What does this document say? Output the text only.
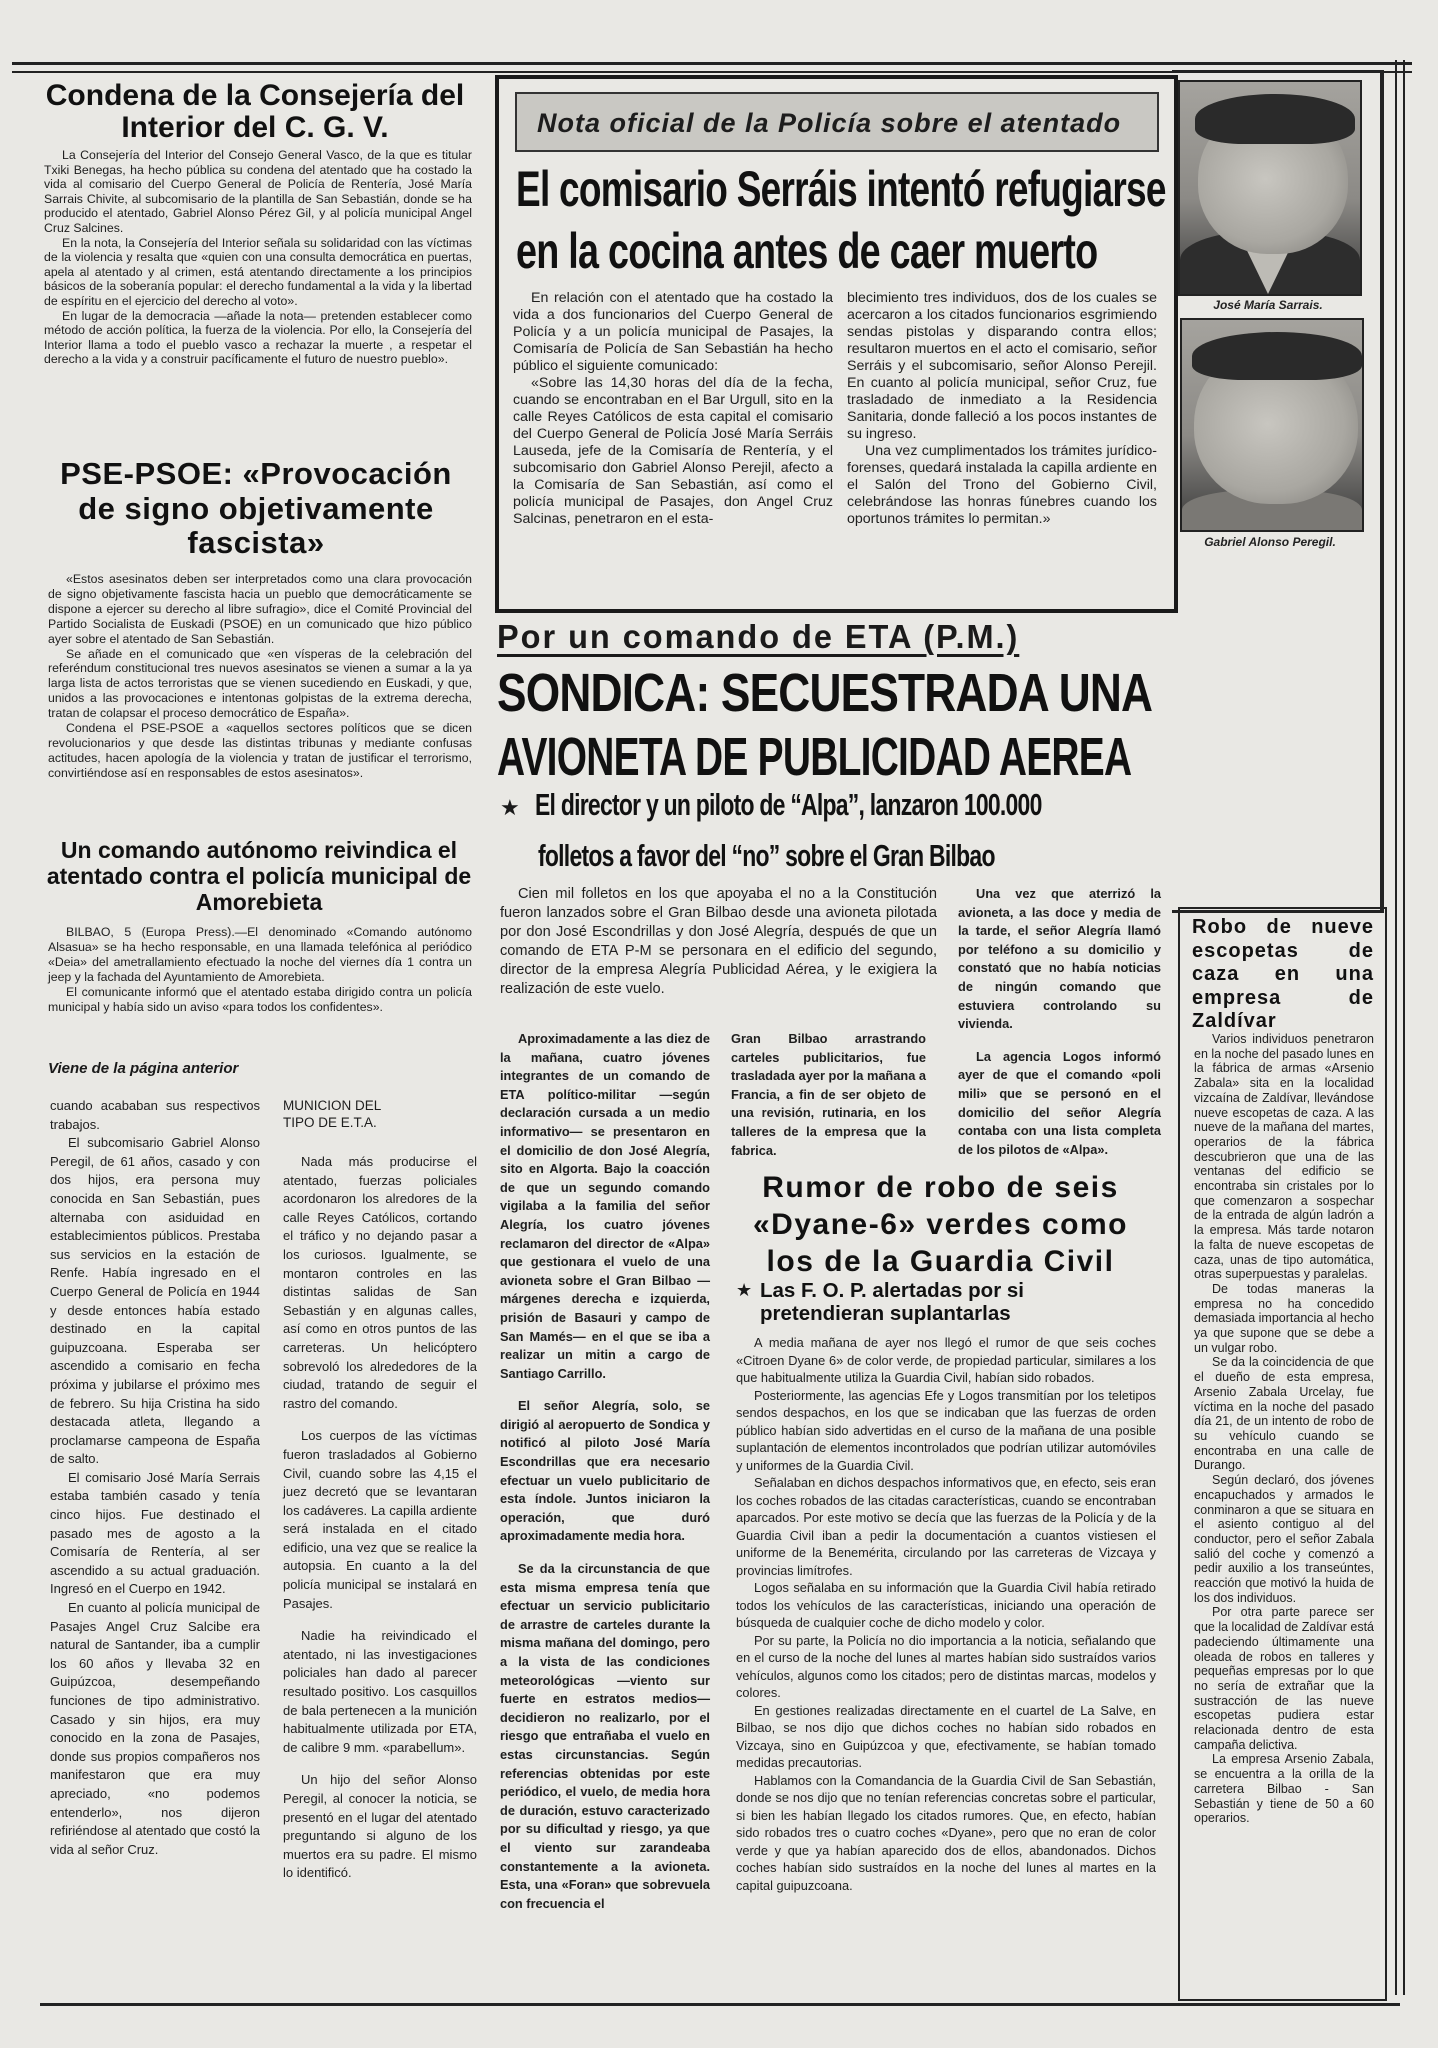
Condena de la Consejería del Interior del C. G. V.

La Consejería del Interior del Consejo General Vasco, de la que es titular Txiki Benegas, ha hecho pública su condena del atentado que ha costado la vida al comisario del Cuerpo General de Policía de Rentería, José María Sarrais Chivite, al subcomisario de la plantilla de San Sebastián, donde se ha producido el atentado, Gabriel Alonso Pérez Gil, y al policía municipal Angel Cruz Salcines.

En la nota, la Consejería del Interior señala su solidaridad con las víctimas de la violencia y resalta que «quien con una consulta democrática en puertas, apela al atentado y al crimen, está atentando directamente a los principios básicos de la soberanía popular: el derecho fundamental a la vida y la libertad de espíritu en el ejercicio del derecho al voto».

En lugar de la democracia —añade la nota— pretenden establecer como método de acción política, la fuerza de la violencia. Por ello, la Consejería del Interior llama a todo el pueblo vasco a rechazar la muerte , a respetar el derecho a la vida y a construir pacíficamente el futuro de nuestro pueblo».

PSE-PSOE: «Provocación de signo objetivamente fascista»

«Estos asesinatos deben ser interpretados como una clara provocación de signo objetivamente fascista hacia un pueblo que democráticamente se dispone a ejercer su derecho al libre sufragio», dice el Comité Provincial del Partido Socialista de Euskadi (PSOE) en un comunicado que hizo público ayer sobre el atentado de San Sebastián.

Se añade en el comunicado que «en vísperas de la celebración del referéndum constitucional tres nuevos asesinatos se vienen a sumar a la ya larga lista de actos terroristas que se vienen sucediendo en Euskadi, y que, unidos a las provocaciones e intentonas golpistas de la extrema derecha, tratan de colapsar el proceso democrático de España».

Condena el PSE-PSOE a «aquellos sectores políticos que se dicen revolucionarios y que desde las distintas tribunas y mediante confusas actitudes, hacen apología de la violencia y tratan de justificar el terrorismo, convirtiéndose así en responsables de estos asesinatos».

Un comando autónomo reivindica el atentado contra el policía municipal de Amorebieta

BILBAO, 5 (Europa Press).—El denominado «Comando autónomo Alsasua» se ha hecho responsable, en una llamada telefónica al periódico «Deia» del ametrallamiento efectuado la noche del viernes día 1 contra un jeep y la fachada del Ayuntamiento de Amorebieta.

El comunicante informó que el atentado estaba dirigido contra un policía municipal y había sido un aviso «para todos los confidentes».

Viene de la página anterior

cuando acababan sus respectivos trabajos.

El subcomisario Gabriel Alonso Peregil, de 61 años, casado y con dos hijos, era persona muy conocida en San Sebastián, pues alternaba con asiduidad en establecimientos públicos. Prestaba sus servicios en la estación de Renfe. Había ingresado en el Cuerpo General de Policía en 1944 y desde entonces había estado destinado en la capital guipuzcoana. Esperaba ser ascendido a comisario en fecha próxima y jubilarse el próximo mes de febrero. Su hija Cristina ha sido destacada atleta, llegando a proclamarse campeona de España de salto.

El comisario José María Serrais estaba también casado y tenía cinco hijos. Fue destinado el pasado mes de agosto a la Comisaría de Rentería, al ser ascendido a su actual graduación. Ingresó en el Cuerpo en 1942.

En cuanto al policía municipal de Pasajes Angel Cruz Salcibe era natural de Santander, iba a cumplir los 60 años y llevaba 32 en Guipúzcoa, desempeñando funciones de tipo administrativo. Casado y sin hijos, era muy conocido en la zona de Pasajes, donde sus propios compañeros nos manifestaron que era muy apreciado, «no podemos entenderlo», nos dijeron refiriéndose al atentado que costó la vida al señor Cruz.

MUNICION DEL TIPO DE E.T.A.

Nada más producirse el atentado, fuerzas policiales acordonaron los alredores de la calle Reyes Católicos, cortando el tráfico y no dejando pasar a los curiosos. Igualmente, se montaron controles en las distintas salidas de San Sebastián y en algunas calles, así como en otros puntos de las carreteras. Un helicóptero sobrevoló los alrededores de la ciudad, tratando de seguir el rastro del comando.

Los cuerpos de las víctimas fueron trasladados al Gobierno Civil, cuando sobre las 4,15 el juez decretó que se levantaran los cadáveres. La capilla ardiente será instalada en el citado edificio, una vez que se realice la autopsia. En cuanto a la del policía municipal se instalará en Pasajes.

Nadie ha reivindicado el atentado, ni las investigaciones policiales han dado al parecer resultado positivo. Los casquillos de bala pertenecen a la munición habitualmente utilizada por ETA, de calibre 9 mm. «parabellum».

Un hijo del señor Alonso Peregil, al conocer la noticia, se presentó en el lugar del atentado preguntando si alguno de los muertos era su padre. El mismo lo identificó.

Nota oficial de la Policía sobre el atentado
El comisario Serráis intentó refugiarse
en la cocina antes de caer muerto

En relación con el atentado que ha costado la vida a dos funcionarios del Cuerpo General de Policía y a un policía municipal de Pasajes, la Comisaría de Policía de San Sebastián ha hecho público el siguiente comunicado:

«Sobre las 14,30 horas del día de la fecha, cuando se encontraban en el Bar Urgull, sito en la calle Reyes Católicos de esta capital el comisario del Cuerpo General de Policía José María Serráis Lauseda, jefe de la Comisaría de Rentería, y el subcomisario don Gabriel Alonso Perejil, afecto a la Comisaría de San Sebastián, así como el policía municipal de Pasajes, don Angel Cruz Salcinas, penetraron en el esta-

blecimiento tres individuos, dos de los cuales se acercaron a los citados funcionarios esgrimiendo sendas pistolas y disparando contra ellos; resultaron muertos en el acto el comisario, señor Serráis y el subcomisario, señor Alonso Perejil. En cuanto al policía municipal, señor Cruz, fue trasladado de inmediato a la Residencia Sanitaria, donde falleció a los pocos instantes de su ingreso.

Una vez cumplimentados los trámites jurídico-forenses, quedará instalada la capilla ardiente en el Salón del Trono del Gobierno Civil, celebrándose las honras fúnebres cuando los oportunos trámites lo permitan.»

José María Sarrais.
Gabriel Alonso Peregil.
Por un comando de ETA (P.M.)
SONDICA: SECUESTRADA UNA
AVIONETA DE PUBLICIDAD AEREA
★ El director y un piloto de “Alpa”, lanzaron 100.000
folletos a favor del “no” sobre el Gran Bilbao

Cien mil folletos en los que apoyaba el no a la Constitución fueron lanzados sobre el Gran Bilbao desde una avioneta pilotada por don José Escondrillas y don José Alegría, después de que un comando de ETA P-M se personara en el edificio del segundo, director de la empresa Alegría Publicidad Aérea, y le exigiera la realización de este vuelo.

Aproximadamente a las diez de la mañana, cuatro jóvenes integrantes de un comando de ETA político-militar —según declaración cursada a un medio informativo— se presentaron en el domicilio de don José Alegría, sito en Algorta. Bajo la coacción de que un segundo comando vigilaba a la familia del señor Alegría, los cuatro jóvenes reclamaron del director de «Alpa» que gestionara el vuelo de una avioneta sobre el Gran Bilbao —márgenes derecha e izquierda, prisión de Basauri y campo de San Mamés— en el que se iba a realizar un mitin a cargo de Santiago Carrillo.

El señor Alegría, solo, se dirigió al aeropuerto de Sondica y notificó al piloto José María Escondrillas que era necesario efectuar un vuelo publicitario de esta índole. Juntos iniciaron la operación, que duró aproximadamente media hora.

Se da la circunstancia de que esta misma empresa tenía que efectuar un servicio publicitario de arrastre de carteles durante la misma mañana del domingo, pero a la vista de las condiciones meteorológicas —viento sur fuerte en estratos medios— decidieron no realizarlo, por el riesgo que entrañaba el vuelo en estas circunstancias. Según referencias obtenidas por este periódico, el vuelo, de media hora de duración, estuvo caracterizado por su dificultad y riesgo, ya que el viento sur zarandeaba constantemente a la avioneta. Esta, una «Foran» que sobrevuela con frecuencia el

Gran Bilbao arrastrando carteles publicitarios, fue trasladada ayer por la mañana a Francia, a fin de ser objeto de una revisión, rutinaria, en los talleres de la empresa que la fabrica.

Una vez que aterrizó la avioneta, a las doce y media de la tarde, el señor Alegría llamó por teléfono a su domicilio y constató que no había noticias de ningún comando que estuviera controlando su vivienda.

La agencia Logos informó ayer de que el comando «poli mili» que se personó en el domicilio del señor Alegría contaba con una lista completa de los pilotos de «Alpa».

Rumor de robo de seis «Dyane-6» verdes como los de la Guardia Civil
★ Las F. O. P. alertadas por si pretendieran suplantarlas

A media mañana de ayer nos llegó el rumor de que seis coches «Citroen Dyane 6» de color verde, de propiedad particular, similares a los que habitualmente utiliza la Guardia Civil, habían sido robados.

Posteriormente, las agencias Efe y Logos transmitían por los teletipos sendos despachos, en los que se indicaban que las fuerzas de orden público habían sido advertidas en el curso de la mañana de una posible suplantación de elementos incontrolados que podrían utilizar automóviles y uniformes de la Guardia Civil.

Señalaban en dichos despachos informativos que, en efecto, seis eran los coches robados de las citadas características, cuando se encontraban aparcados. Por este motivo se decía que las fuerzas de la Policía y de la Guardia Civil iban a pedir la documentación a cuantos vistiesen el uniforme de la Benemérita, circulando por las carreteras de Vizcaya y provincias limítrofes.

Logos señalaba en su información que la Guardia Civil había retirado todos los vehículos de las características, iniciando una operación de búsqueda de cualquier coche de dicho modelo y color.

Por su parte, la Policía no dio importancia a la noticia, señalando que en el curso de la noche del lunes al martes habían sido sustraídos varios vehículos, algunos como los citados; pero de distintas marcas, modelos y colores.

En gestiones realizadas directamente en el cuartel de La Salve, en Bilbao, se nos dijo que dichos coches no habían sido robados en Vizcaya, sino en Guipúzcoa y que, efectivamente, se habían tomado medidas precautorias.

Hablamos con la Comandancia de la Guardia Civil de San Sebastián, donde se nos dijo que no tenían referencias concretas sobre el particular, si bien les habían llegado los citados rumores. Que, en efecto, habían sido robados tres o cuatro coches «Dyane», pero que no eran de color verde y que ya habían aparecido dos de ellos, abandonados. Dichos coches habían sido sustraídos en la noche del lunes al martes en la capital guipuzcoana.

Robo de nueve escopetas de caza en una empresa de Zaldívar

Varios individuos penetraron en la noche del pasado lunes en la fábrica de armas «Arsenio Zabala» sita en la localidad vizcaína de Zaldívar, llevándose nueve escopetas de caza. A las nueve de la mañana del martes, operarios de la fábrica descubrieron que una de las ventanas del edificio se encontraba sin cristales por lo que comenzaron a sospechar de la entrada de algún ladrón a la empresa. Más tarde notaron la falta de nueve escopetas de caza, unas de tipo automática, otras superpuestas y paralelas.

De todas maneras la empresa no ha concedido demasiada importancia al hecho ya que supone que se debe a un vulgar robo.

Se da la coincidencia de que el dueño de esta empresa, Arsenio Zabala Urcelay, fue víctima en la noche del pasado día 21, de un intento de robo de su vehículo cuando se encontraba en una calle de Durango.

Según declaró, dos jóvenes encapuchados y armados le conminaron a que se situara en el asiento contiguo al del conductor, pero el señor Zabala salió del coche y comenzó a pedir auxilio a los transeúntes, reacción que motivó la huida de los dos individuos.

Por otra parte parece ser que la localidad de Zaldívar está padeciendo últimamente una oleada de robos en talleres y pequeñas empresas por lo que no sería de extrañar que la sustracción de las nueve escopetas pudiera estar relacionada dentro de esta campaña delictiva.

La empresa Arsenio Zabala, se encuentra a la orilla de la carretera Bilbao - San Sebastián y tiene de 50 a 60 operarios.
